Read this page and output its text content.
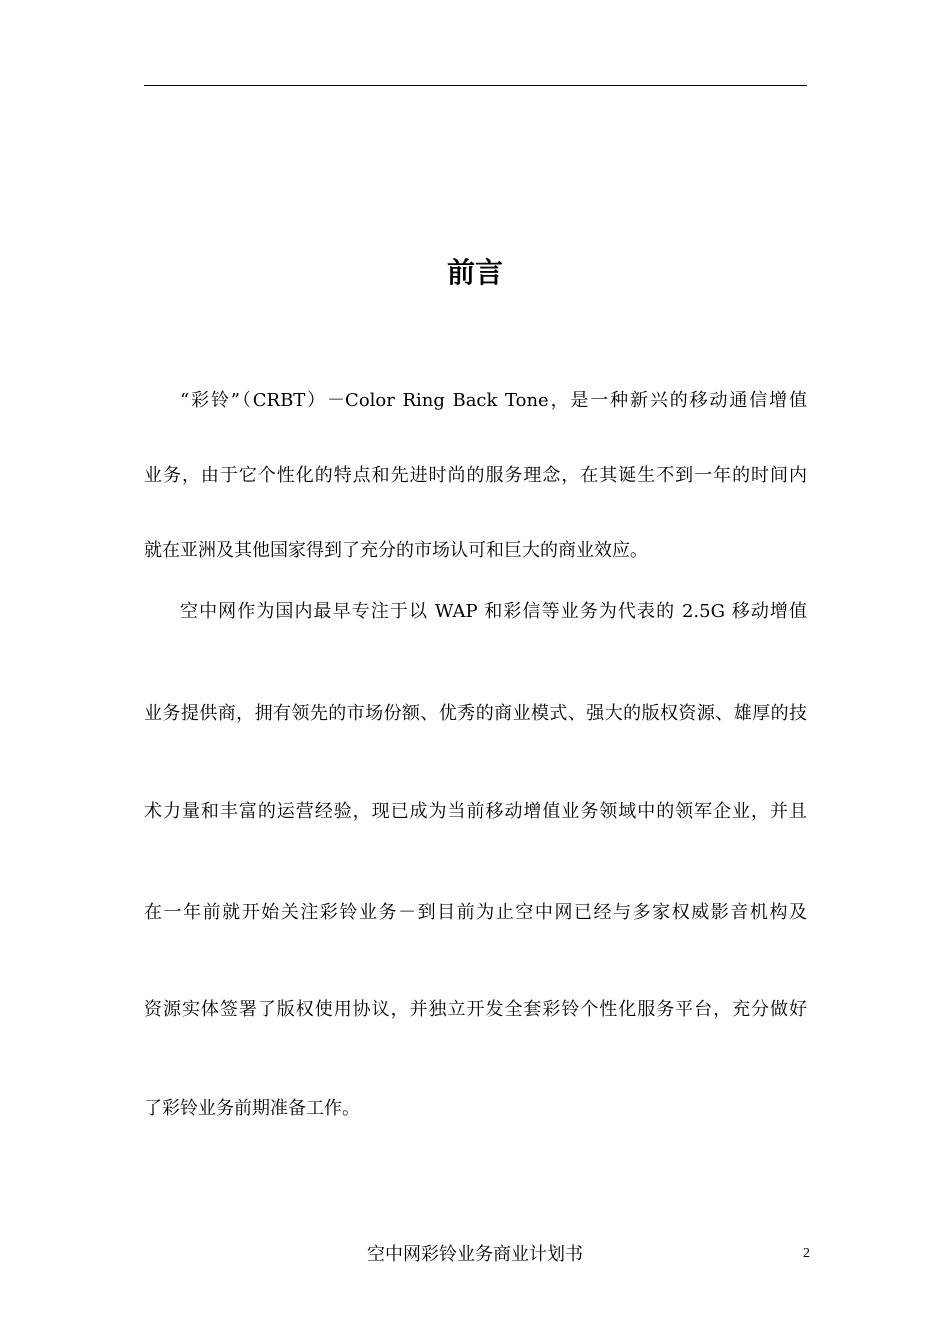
前言
“彩铃”（CRBT）－Color Ring Back Tone，是一种新兴的移动通信增值
业务，由于它个性化的特点和先进时尚的服务理念，在其诞生不到一年的时间内
就在亚洲及其他国家得到了充分的市场认可和巨大的商业效应。
空中网作为国内最早专注于以 WAP 和彩信等业务为代表的 2.5G 移动增值
业务提供商，拥有领先的市场份额、优秀的商业模式、强大的版权资源、雄厚的技
术力量和丰富的运营经验，现已成为当前移动增值业务领域中的领军企业，并且
在一年前就开始关注彩铃业务－到目前为止空中网已经与多家权威影音机构及
资源实体签署了版权使用协议，并独立开发全套彩铃个性化服务平台，充分做好
了彩铃业务前期准备工作。
空中网彩铃业务商业计划书	2
